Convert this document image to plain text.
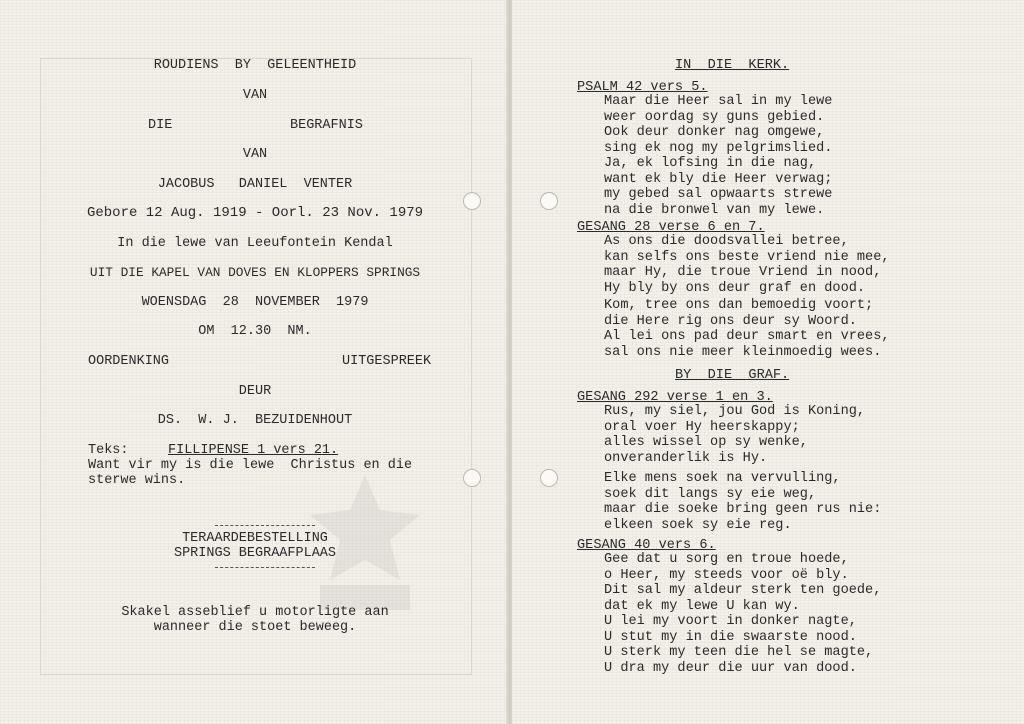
ROUDIENS  BY  GELEENTHEID
VAN
DIE	BEGRAFNIS
VAN
JACOBUS   DANIEL  VENTER
Gebore 12 Aug. 1919 - Oorl. 23 Nov. 1979
In die lewe van Leeufontein Kendal
UIT DIE KAPEL VAN DOVES EN KLOPPERS SPRINGS
WOENSDAG  28  NOVEMBER  1979
OM  12.30  NM.
OORDENKING	UITGESPREEK
DEUR
DS.  W. J.  BEZUIDENHOUT
Teks:	FILLIPENSE 1 vers 21.
Want vir my is die lewe  Christus en die
sterwe wins.
TERAARDEBESTELLING
SPRINGS BEGRAAFPLAAS
Skakel asseblief u motorligte aan
wanneer die stoet beweeg.
IN  DIE  KERK.
PSALM 42 vers 5.
Maar die Heer sal in my lewe
weer oordag sy guns gebied.
Ook deur donker nag omgewe,
sing ek nog my pelgrimslied.
Ja, ek lofsing in die nag,
want ek bly die Heer verwag;
my gebed sal opwaarts strewe
na die bronwel van my lewe.
GESANG 28 verse 6 en 7.
As ons die doodsvallei betree,
kan selfs ons beste vriend nie mee,
maar Hy, die troue Vriend in nood,
Hy bly by ons deur graf en dood.
Kom, tree ons dan bemoedig voort;
die Here rig ons deur sy Woord.
Al lei ons pad deur smart en vrees,
sal ons nie meer kleinmoedig wees.
BY  DIE  GRAF.
GESANG 292 verse 1 en 3.
Rus, my siel, jou God is Koning,
oral voer Hy heerskappy;
alles wissel op sy wenke,
onveranderlik is Hy.
Elke mens soek na vervulling,
soek dit langs sy eie weg,
maar die soeke bring geen rus nie:
elkeen soek sy eie reg.
GESANG 40 vers 6.
Gee dat u sorg en troue hoede,
o Heer, my steeds voor oë bly.
Dit sal my aldeur sterk ten goede,
dat ek my lewe U kan wy.
U lei my voort in donker nagte,
U stut my in die swaarste nood.
U sterk my teen die hel se magte,
U dra my deur die uur van dood.
